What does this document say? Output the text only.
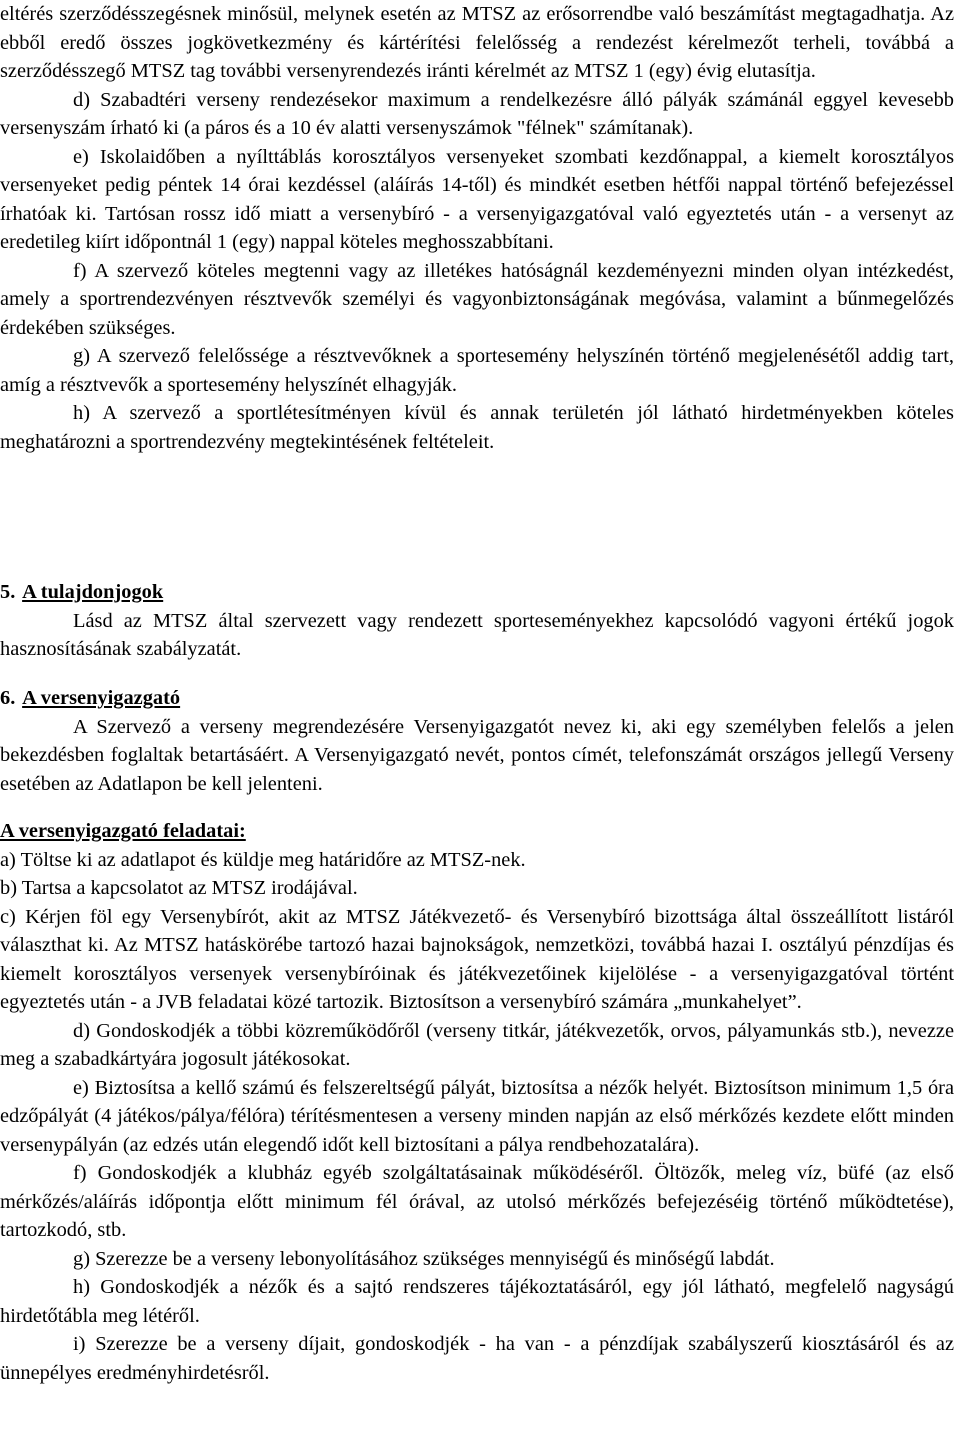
eltérés szerződésszegésnek minősül, melynek esetén az MTSZ az erősorrendbe való beszámítást megtagadhatja. Az ebből eredő összes jogkövetkezmény és kártérítési felelősség a rendezést kérelmezőt terheli, továbbá a szerződésszegő MTSZ tag további versenyrendezés iránti kérelmét az MTSZ 1 (egy) évig elutasítja.

d) Szabadtéri verseny rendezésekor maximum a rendelkezésre álló pályák számánál eggyel kevesebb versenyszám írható ki (a páros és a 10 év alatti versenyszámok "félnek" számítanak).

e) Iskolaidőben a nyílttáblás korosztályos versenyeket szombati kezdőnappal, a kiemelt korosztályos versenyeket pedig péntek 14 órai kezdéssel (aláírás 14-től) és mindkét esetben hétfői nappal történő befejezéssel írhatóak ki. Tartósan rossz idő miatt a versenybíró - a versenyigazgatóval való egyeztetés után - a versenyt az eredetileg kiírt időpontnál 1 (egy) nappal köteles meghosszabbítani.

f) A szervező köteles megtenni vagy az illetékes hatóságnál kezdeményezni minden olyan intézkedést, amely a sportrendezvényen résztvevők személyi és vagyonbiztonságának megóvása, valamint a bűnmegelőzés érdekében szükséges.

g) A szervező felelőssége a résztvevőknek a sportesemény helyszínén történő megjelenésétől addig tart, amíg a résztvevők a sportesemény helyszínét elhagyják.

h) A szervező a sportlétesítményen kívül és annak területén jól látható hirdetményekben köteles meghatározni a sportrendezvény megtekintésének feltételeit.

5. A tulajdonjogok

Lásd az MTSZ által szervezett vagy rendezett sporteseményekhez kapcsolódó vagyoni értékű jogok hasznosításának szabályzatát.

6. A versenyigazgató

A Szervező a verseny megrendezésére Versenyigazgatót nevez ki, aki egy személyben felelős a jelen bekezdésben foglaltak betartásáért. A Versenyigazgató nevét, pontos címét, telefonszámát országos jellegű Verseny esetében az Adatlapon be kell jelenteni.

A versenyigazgató feladatai:

a) Töltse ki az adatlapot és küldje meg határidőre az MTSZ-nek.

b) Tartsa a kapcsolatot az MTSZ irodájával.

c) Kérjen föl egy Versenybírót, akit az MTSZ Játékvezető- és Versenybíró bizottsága által összeállított listáról választhat ki. Az MTSZ hatáskörébe tartozó hazai bajnokságok, nemzetközi, továbbá hazai I. osztályú pénzdíjas és kiemelt korosztályos versenyek versenybíróinak és játékvezetőinek kijelölése - a versenyigazgatóval történt egyeztetés után - a JVB feladatai közé tartozik. Biztosítson a versenybíró számára „munkahelyet”.

d) Gondoskodjék a többi közreműködőről (verseny titkár, játékvezetők, orvos, pályamunkás stb.), nevezze meg a szabadkártyára jogosult játékosokat.

e) Biztosítsa a kellő számú és felszereltségű pályát, biztosítsa a nézők helyét. Biztosítson minimum 1,5 óra edzőpályát (4 játékos/pálya/félóra) térítésmentesen a verseny minden napján az első mérkőzés kezdete előtt minden versenypályán (az edzés után elegendő időt kell biztosítani a pálya rendbehozatalára).

f) Gondoskodjék a klubház egyéb szolgáltatásainak működéséről. Öltözők, meleg víz, büfé (az első mérkőzés/aláírás időpontja előtt minimum fél órával, az utolsó mérkőzés befejezéséig történő működtetése), tartozkodó, stb.

g) Szerezze be a verseny lebonyolításához szükséges mennyiségű és minőségű labdát.

h) Gondoskodjék a nézők és a sajtó rendszeres tájékoztatásáról, egy jól látható, megfelelő nagyságú hirdetőtábla meg létéről.

i) Szerezze be a verseny díjait, gondoskodjék - ha van - a pénzdíjak szabályszerű kiosztásáról és az ünnepélyes eredményhirdetésről.
